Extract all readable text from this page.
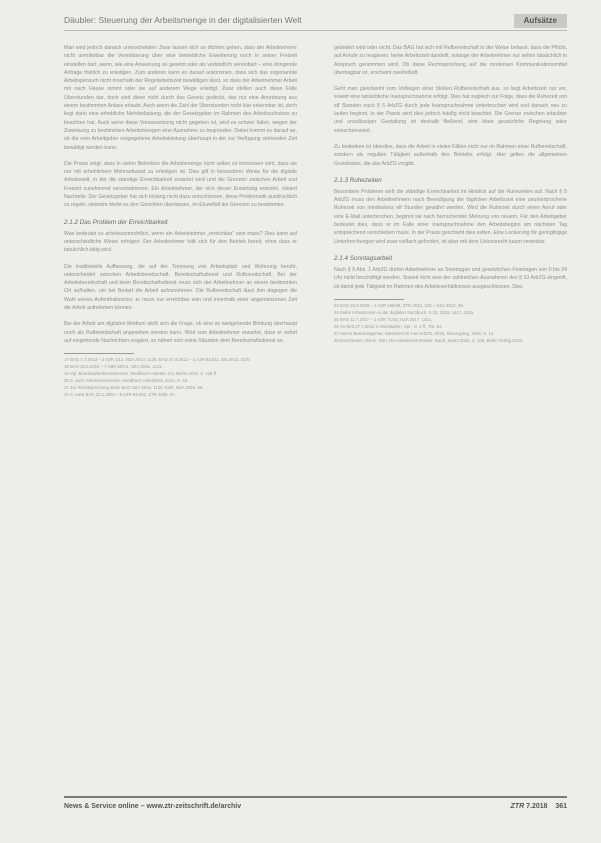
Däubler: Steuerung der Arbeitsmenge in der digitalisierten Welt	Aufsätze

Man wird jedoch danach unterscheiden: Zwar lassen sich so dichten gehen, dass der Arbeitnehmer nicht unmittelbar die Vereinbarung über eine betriebliche Erweiterung noch in seiner Freizeit einstellen darf, wenn, wie eine Anweisung so gesetzt oder als verbindlich vereinbart – eine dringende Anfrage fristlich zu erledigen. Zum anderen kann es darauf ankommen, dass sich das sogenannte Arbeitspensum nicht innerhalb der Regelarbeitszeit bewältigen lässt, so dass der Arbeitnehmer Arbeit mit nach Hause nimmt oder sie auf anderem Wege erledigt. Zwar stellen auch diese Fälle Überstunden dar, doch sind diese nicht durch das Gesetz gedeckt, das nur eine Anordnung aus einem bestimmten Anlass erlaubt. Auch wenn die Zahl der Überstunden nicht klar erkennbar ist, doch liegt darin eine erhebliche Mehrbelastung, die der Gesetzgeber im Rahmen des Arbeitsschutzes zu beachten hat. Auch wenn diese Voraussetzung nicht gegeben ist, wird es schwer fallen, wegen der Zuweisung zu bestimmten Arbeitsmengen eine Ausnahme zu begründen. Dabei kommt es darauf an, ob die vom Arbeitgeber vorgegebene Arbeitsleistung überhaupt in der zur Verfügung stehenden Zeit bewältigt werden kann.

Die Praxis zeigt, dass in vielen Betrieben die Arbeitsmenge nicht selten so bemessen wird, dass sie nur mit erheblichem Mehraufwand zu erledigen ist. Dies gilt in besonderer Weise für die digitale Arbeitswelt, in der die ständige Erreichbarkeit erwartet wird und die Grenzen zwischen Arbeit und Freizeit zunehmend verschwimmen. Ein Arbeitnehmer, der sich dieser Erwartung entzieht, riskiert Nachteile. Der Gesetzgeber hat sich bislang nicht dazu entschlossen, diese Problematik ausdrücklich zu regeln; vielmehr bleibt es den Gerichten überlassen, im Einzelfall die Grenzen zu bestimmen.

2.1.2 Das Problem der Erreichbarkeit

Was bedeutet es arbeitszeitrechtlich, wenn ein Arbeitnehmer „erreichbar“ sein muss? Dies kann auf unterschiedliche Weise erfolgen: Der Arbeitnehmer hält sich für den Betrieb bereit, ohne dass er tatsächlich tätig wird.

Die traditionelle Auffassung, die auf der Trennung von Arbeitsplatz und Wohnung beruht, unterscheidet zwischen Arbeitsbereitschaft, Bereitschaftsdienst und Rufbereitschaft. Bei der Arbeitsbereitschaft und beim Bereitschaftsdienst muss sich der Arbeitnehmer an einem bestimmten Ort aufhalten, um bei Bedarf die Arbeit aufzunehmen. Die Rufbereitschaft lässt ihm dagegen die Wahl seines Aufenthaltsortes; er muss nur erreichbar sein und innerhalb einer angemessenen Zeit die Arbeit aufnehmen können.

Bei der Arbeit am digitalen Medium stellt sich die Frage, ob eine so weitgehende Bindung überhaupt noch als Rufbereitschaft angesehen werden kann. Wird vom Arbeitnehmer erwartet, dass er sofort auf eingehende Nachrichten reagiert, so nähert sich seine Situation dem Bereitschaftsdienst an.

17 BAG 4.7.2013 – 2 AZR 1/12, NZA 2013, 1130; BAG 27.9.2012 – 2 AZR 813/11, DB 2013, 1175.

18 BAG 25.5.2016 – 7 ABR 60/14, NZA 2016, 1131.

19 Vgl. Bundesarbeitsministerium, Weißbuch Arbeiten 4.0, Berlin 2016, S. 118 ff.

20 S. auch Arbeitszeitmonitor, Handbuch Arbeitszeit, 2016, S. 45.

21 Zur Rechtsprechung siehe BAG NZA 2016, 1125; Kolb, NZA 2016, 66.

22 S. etwa BAG 22.1.2004 – 6 AZR 544/02, ZTR 2005, 97.

geändert wird oder nicht. Das BAG hat sich mit Rufbereitschaft in der Weise befasst, dass die Pflicht, auf Anrufe zu reagieren, keine Arbeitszeit darstellt, solange der Arbeitnehmer nur selten tatsächlich in Anspruch genommen wird. Ob diese Rechtsprechung auf die modernen Kommunikationsmittel übertragbar ist, erscheint zweifelhaft.

Geht man gleichwohl vom Vorliegen einer bloßen Rufbereitschaft aus, so liegt Arbeitszeit nur vor, soweit eine tatsächliche Inanspruchnahme erfolgt. Dies hat zugleich zur Folge, dass die Ruhezeit von elf Stunden nach § 5 ArbZG durch jede Inanspruchnahme unterbrochen wird und danach neu zu laufen beginnt. In der Praxis wird dies jedoch häufig nicht beachtet. Die Grenze zwischen erlaubter und unzulässiger Gestaltung ist deshalb fließend; eine klare gesetzliche Regelung wäre wünschenswert.

Zu bedenken ist überdies, dass die Arbeit in vielen Fällen nicht nur im Rahmen einer Rufbereitschaft, sondern als reguläre Tätigkeit außerhalb des Betriebs erfolgt. Hier gelten die allgemeinen Grundsätze, die das ArbZG vorgibt.

2.1.3 Ruhezeiten

Besondere Probleme wirft die ständige Erreichbarkeit im Hinblick auf die Ruhezeiten auf. Nach § 5 ArbZG muss den Arbeitnehmern nach Beendigung der täglichen Arbeitszeit eine ununterbrochene Ruhezeit von mindestens elf Stunden gewährt werden. Wird die Ruhezeit durch einen Anruf oder eine E-Mail unterbrochen, beginnt sie nach herrschender Meinung von neuem. Für den Arbeitgeber bedeutet dies, dass er im Falle einer Inanspruchnahme den Arbeitsbeginn am nächsten Tag entsprechend verschieben muss. In der Praxis geschieht dies selten. Eine Lockerung für geringfügige Unterbrechungen wird zwar vielfach gefordert, ist aber mit dem Unionsrecht kaum vereinbar.

2.1.4 Sonntagsarbeit

Nach § 9 Abs. 1 ArbZG dürfen Arbeitnehmer an Sonntagen und gesetzlichen Feiertagen von 0 bis 24 Uhr nicht beschäftigt werden. Soweit nicht eine der zahlreichen Ausnahmen des § 10 ArbZG eingreift, ist damit jede Tätigkeit im Rahmen des Arbeitsverhältnisses ausgeschlossen. Dies

23 BAG 20.8.2009 – 2 AZR 165/08, ZTR 2010, 329 = NZA 2010, 69.

24 Siehe Arbeitszeiten in der digitalen Sachbuch, S.23, 2015, 1417, 1425.

25 BAG 11.7.2017 – 1 AZR 71/15; NZA 2017, 1401.

26 So Bett 27.7.2016 in Wiesbaden, Spr., S. 4 ff., Rn. 64.

27 Hierzu Bundesagentur, Datenbericht zum ArbZG, 2016, Sitzungstag, 2016, S. 12.

28 Buschmann, Nachr. Gerl, Der Arbeitszeit-Monitor, Band, Stand 2016, S. 105, Berlin Verlag 2016.

News & Service online – www.ztr-zeitschrift.de/archiv	ZTR 7.2018 361
